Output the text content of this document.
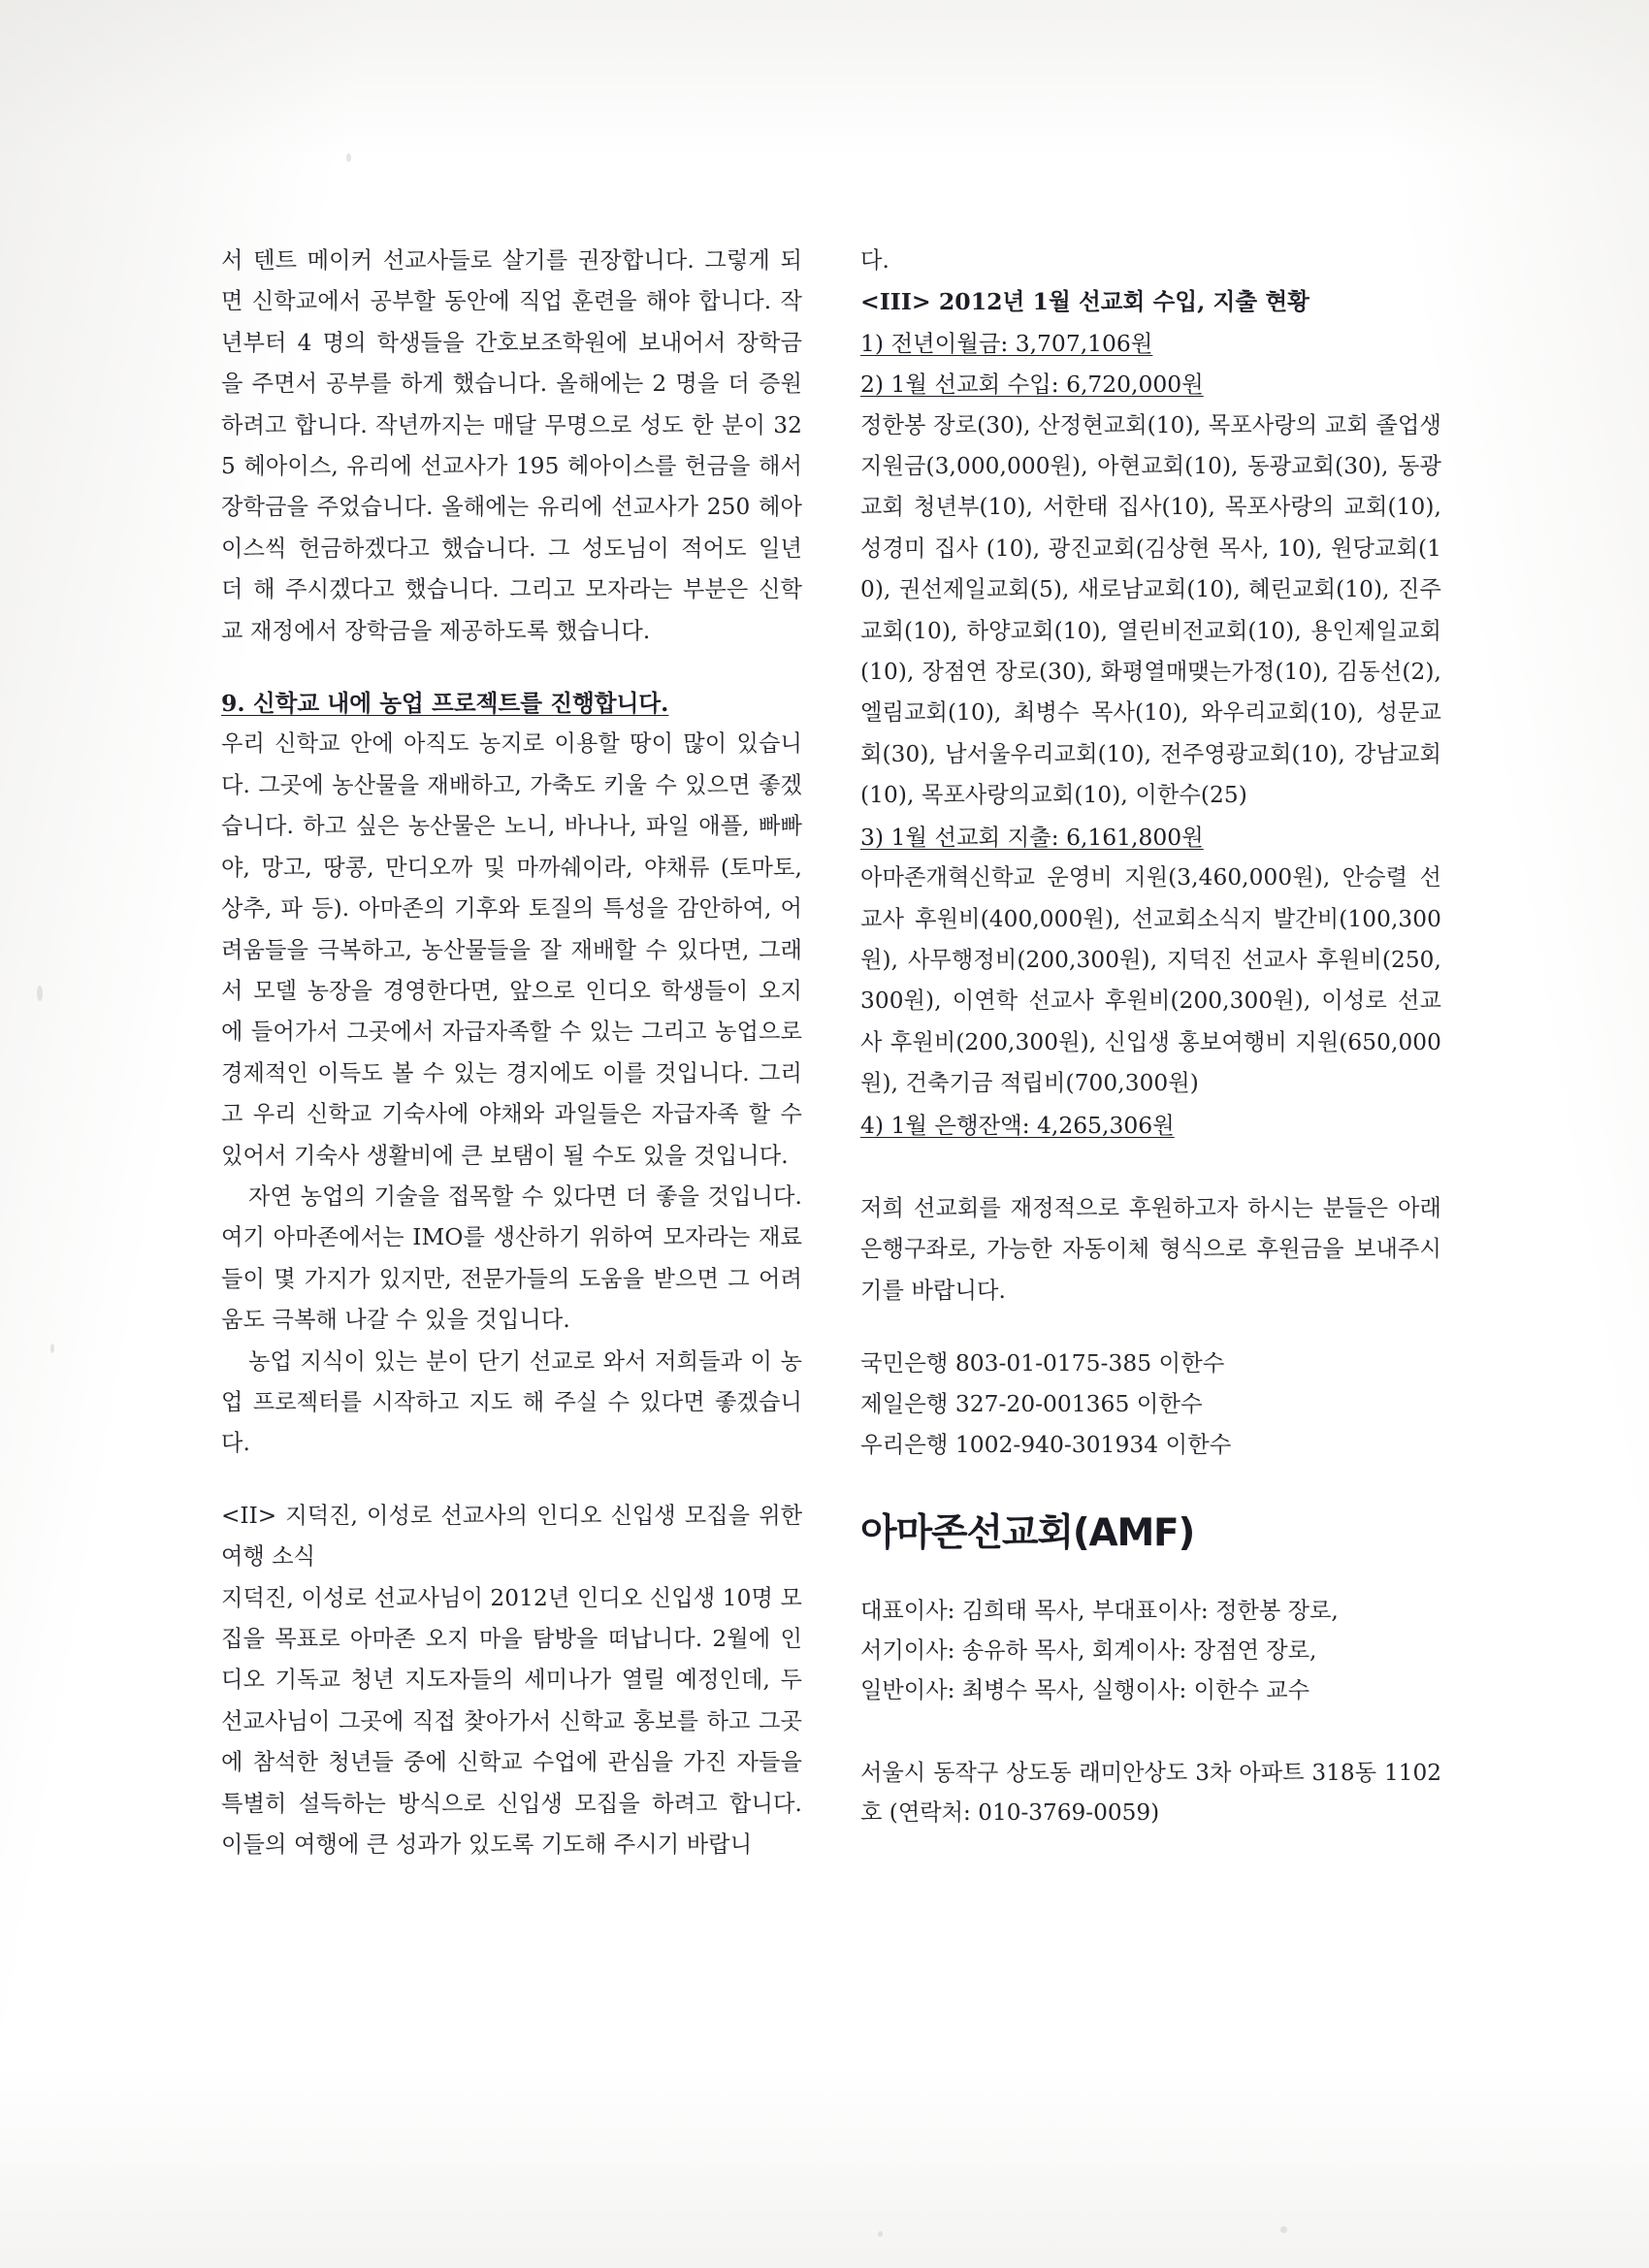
서 텐트 메이커 선교사들로 살기를 권장합니다. 그렇게 되면 신학교에서 공부할 동안에 직업 훈련을 해야 합니다. 작년부터 4 명의 학생들을 간호보조학원에 보내어서 장학금을 주면서 공부를 하게 했습니다. 올해에는 2 명을 더 증원하려고 합니다. 작년까지는 매달 무명으로 성도 한 분이 325 헤아이스, 유리에 선교사가 195 헤아이스를 헌금을 해서 장학금을 주었습니다. 올해에는 유리에 선교사가 250 헤아이스씩 헌금하겠다고 했습니다. 그 성도님이 적어도 일년 더 해 주시겠다고 했습니다. 그리고 모자라는 부분은 신학교 재정에서 장학금을 제공하도록 했습니다.

9. 신학교 내에 농업 프로젝트를 진행합니다.

우리 신학교 안에 아직도 농지로 이용할 땅이 많이 있습니다. 그곳에 농산물을 재배하고, 가축도 키울 수 있으면 좋겠습니다. 하고 싶은 농산물은 노니, 바나나, 파일 애플, 빠빠야, 망고, 땅콩, 만디오까 및 마까쉐이라, 야채류 (토마토, 상추, 파 등). 아마존의 기후와 토질의 특성을 감안하여, 어려움들을 극복하고, 농산물들을 잘 재배할 수 있다면, 그래서 모델 농장을 경영한다면, 앞으로 인디오 학생들이 오지에 들어가서 그곳에서 자급자족할 수 있는 그리고 농업으로 경제적인 이득도 볼 수 있는 경지에도 이를 것입니다. 그리고 우리 신학교 기숙사에 야채와 과일들은 자급자족 할 수 있어서 기숙사 생활비에 큰 보탬이 될 수도 있을 것입니다.

자연 농업의 기술을 접목할 수 있다면 더 좋을 것입니다. 여기 아마존에서는 IMO를 생산하기 위하여 모자라는 재료들이 몇 가지가 있지만, 전문가들의 도움을 받으면 그 어려움도 극복해 나갈 수 있을 것입니다.

농업 지식이 있는 분이 단기 선교로 와서 저희들과 이 농업 프로젝터를 시작하고 지도 해 주실 수 있다면 좋겠습니다.

<II> 지덕진, 이성로 선교사의 인디오 신입생 모집을 위한 여행 소식

지덕진, 이성로 선교사님이 2012년 인디오 신입생 10명 모집을 목표로 아마존 오지 마을 탐방을 떠납니다. 2월에 인디오 기독교 청년 지도자들의 세미나가 열릴 예정인데, 두 선교사님이 그곳에 직접 찾아가서 신학교 홍보를 하고 그곳에 참석한 청년들 중에 신학교 수업에 관심을 가진 자들을 특별히 설득하는 방식으로 신입생 모집을 하려고 합니다. 이들의 여행에 큰 성과가 있도록 기도해 주시기 바랍니

다.

<III> 2012년 1월 선교회 수입, 지출 현황
1) 전년이월금: 3,707,106원
2) 1월 선교회 수입: 6,720,000원

정한봉 장로(30), 산정현교회(10), 목포사랑의 교회 졸업생지원금(3,000,000원), 아현교회(10), 동광교회(30), 동광교회 청년부(10), 서한태 집사(10), 목포사랑의 교회(10), 성경미 집사 (10), 광진교회(김상현 목사, 10), 원당교회(10), 권선제일교회(5), 새로남교회(10), 혜린교회(10), 진주교회(10), 하양교회(10), 열린비전교회(10), 용인제일교회(10), 장점연 장로(30), 화평열매맺는가정(10), 김동선(2), 엘림교회(10), 최병수 목사(10), 와우리교회(10), 성문교회(30), 남서울우리교회(10), 전주영광교회(10), 강남교회(10), 목포사랑의교회(10), 이한수(25)

3) 1월 선교회 지출: 6,161,800원

아마존개혁신학교 운영비 지원(3,460,000원), 안승렬 선교사 후원비(400,000원), 선교회소식지 발간비(100,300원), 사무행정비(200,300원), 지덕진 선교사 후원비(250,300원), 이연학 선교사 후원비(200,300원), 이성로 선교사 후원비(200,300원), 신입생 홍보여행비 지원(650,000원), 건축기금 적립비(700,300원)

4) 1월 은행잔액: 4,265,306원

저희 선교회를 재정적으로 후원하고자 하시는 분들은 아래 은행구좌로, 가능한 자동이체 형식으로 후원금을 보내주시기를 바랍니다.

국민은행 803-01-0175-385 이한수
제일은행 327-20-001365 이한수
우리은행 1002-940-301934 이한수
아마존선교회(AMF)
대표이사: 김희태 목사, 부대표이사: 정한봉 장로,
서기이사: 송유하 목사, 회계이사: 장점연 장로,
일반이사: 최병수 목사, 실행이사: 이한수 교수

서울시 동작구 상도동 래미안상도 3차 아파트 318동 1102호 (연락처: 010-3769-0059)
